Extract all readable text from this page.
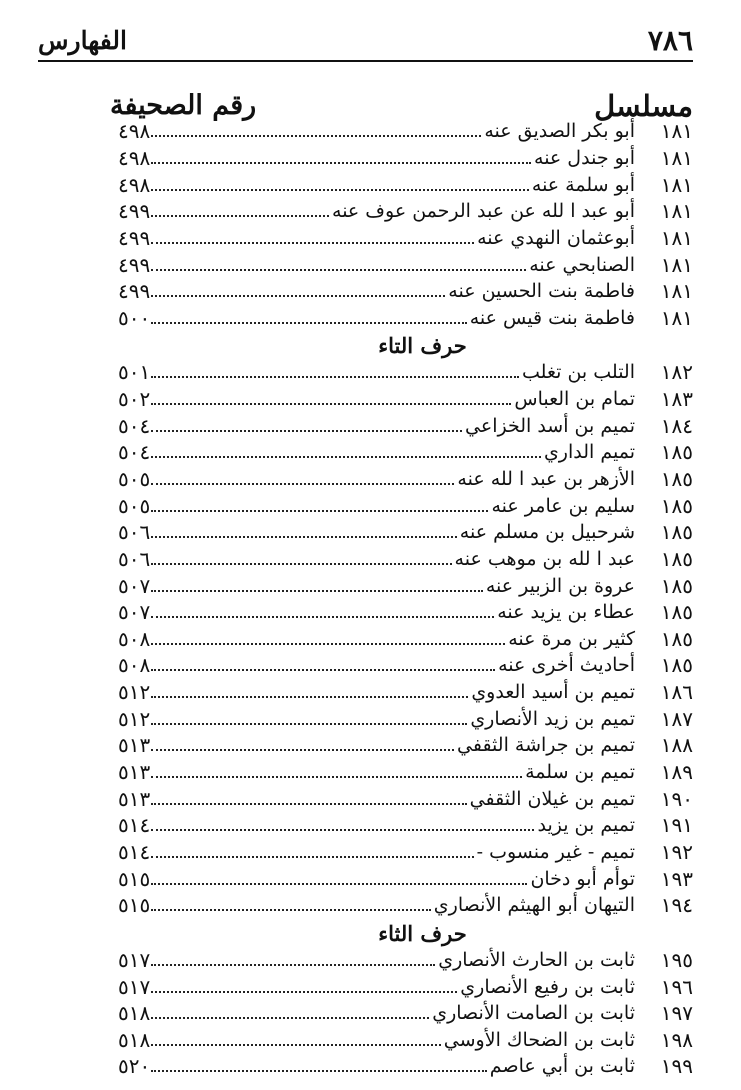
٧٨٦
الفهارس
مسلسل
رقم الصحيفة
١٨١
أبو بكر الصديق عنه
٤٩٨
١٨١
أبو جندل عنه
٤٩٨
١٨١
أبو سلمة عنه
٤٩٨
١٨١
أبو عبد ا لله عن عبد الرحمن عوف عنه
٤٩٩
١٨١
أبوعثمان النهدي عنه
٤٩٩
١٨١
الصنابحي عنه
٤٩٩
١٨١
فاطمة بنت الحسين عنه
٤٩٩
١٨١
فاطمة بنت قيس عنه
٥٠٠
حرف التاء
١٨٢
التلب بن تغلب
٥٠١
١٨٣
تمام بن العباس
٥٠٢
١٨٤
تميم بن أسد الخزاعي
٥٠٤
١٨٥
تميم الداري
٥٠٤
١٨٥
الأزهر بن عبد ا لله عنه
٥٠٥
١٨٥
سليم بن عامر عنه
٥٠٥
١٨٥
شرحبيل بن مسلم عنه
٥٠٦
١٨٥
عبد ا لله بن موهب عنه
٥٠٦
١٨٥
عروة بن الزبير عنه
٥٠٧
١٨٥
عطاء بن يزيد عنه
٥٠٧
١٨٥
كثير بن مرة عنه
٥٠٨
١٨٥
أحاديث أخرى عنه
٥٠٨
١٨٦
تميم بن أسيد العدوي
٥١٢
١٨٧
تميم بن زيد الأنصاري
٥١٢
١٨٨
تميم بن جراشة الثقفي
٥١٣
١٨٩
تميم بن سلمة
٥١٣
١٩٠
تميم بن غيلان الثقفي
٥١٣
١٩١
تميم بن يزيد
٥١٤
١٩٢
تميم - غير منسوب -
٥١٤
١٩٣
توأم أبو دخان
٥١٥
١٩٤
التيهان أبو الهيثم الأنصاري
٥١٥
حرف الثاء
١٩٥
ثابت بن الحارث الأنصاري
٥١٧
١٩٦
ثابت بن رفيع الأنصاري
٥١٧
١٩٧
ثابت بن الصامت الأنصاري
٥١٨
١٩٨
ثابت بن الضحاك الأوسي
٥١٨
١٩٩
ثابت بن أبي عاصم
٥٢٠
